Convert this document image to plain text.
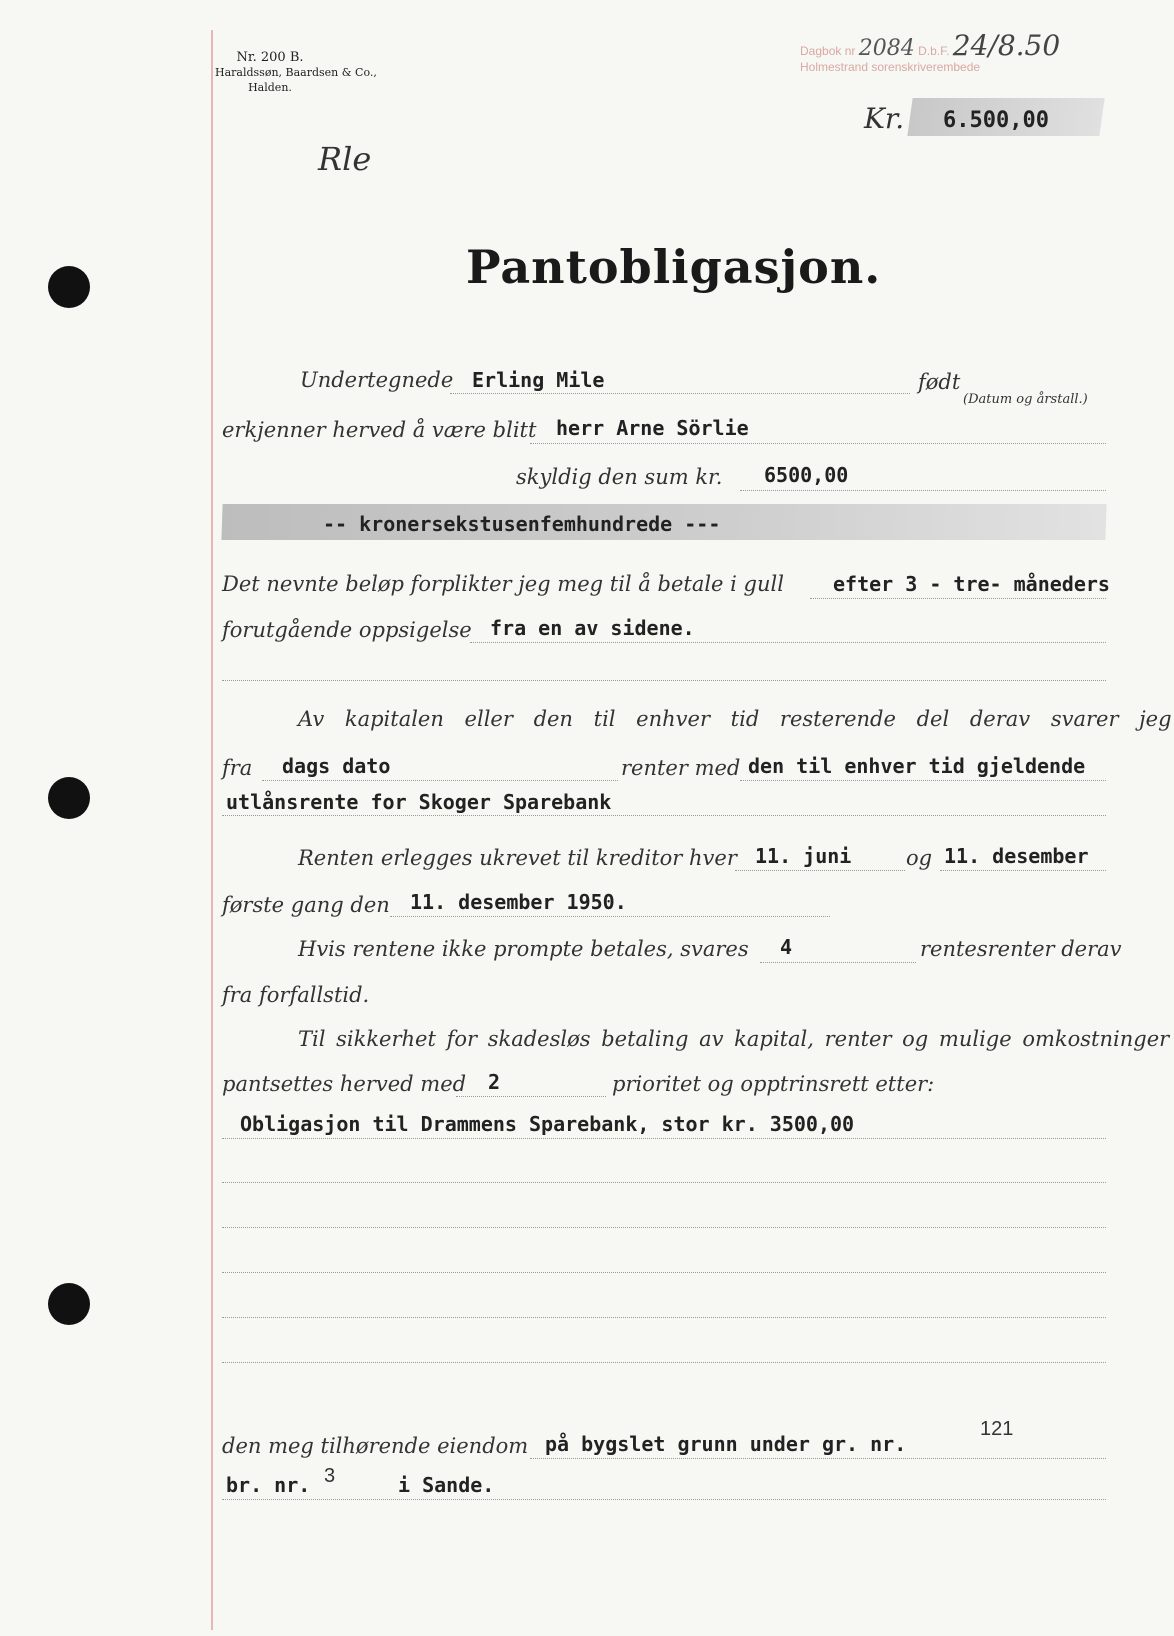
Nr. 200 B.
Haraldssøn, Baardsen & Co.,
Halden.
Dagbok nr 2084 D.b.F. 24/8.50
Holmestrand sorenskriverembede
Rle
Kr. 6.500,00
Pantobligasjon.
Undertegnede Erling Mile	født
(Datum og årstall.)
erkjenner herved å være blitt herr Arne Sörlie
skyldig den sum kr. 6500,00
-- kronersekstusenfemhundrede ---
Det nevnte beløp forplikter jeg meg til å betale i gull efter 3 - tre- måneders
forutgående oppsigelse fra en av sidene.
Av kapitalen eller den til enhver tid resterende del derav svarer jeg
fra dags dato	renter med den til enhver tid gjeldende
utlånsrente for Skoger Sparebank
Renten erlegges ukrevet til kreditor hver 11. juni	og 11. desember
første gang den 11. desember 1950.
Hvis rentene ikke prompte betales, svares 4	rentesrenter derav
fra forfallstid.
Til sikkerhet for skadesløs betaling av kapital, renter og mulige omkostninger
pantsettes herved med 2	prioritet og opptrinsrett etter:
Obligasjon til Drammens Sparebank, stor kr. 3500,00
den meg tilhørende eiendom på bygslet grunn under gr. nr.
121
br. nr. 3	i Sande.
